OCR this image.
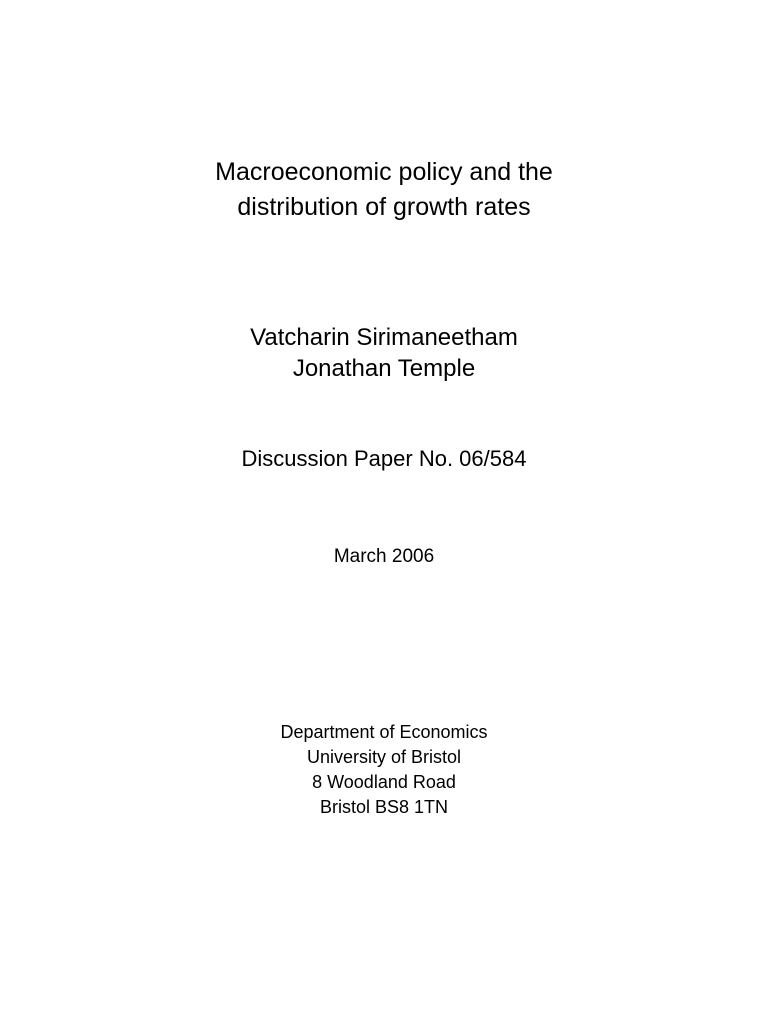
Macroeconomic policy and the
distribution of growth rates
Vatcharin Sirimaneetham
Jonathan Temple
Discussion Paper No. 06/584
March 2006
Department of Economics
University of Bristol
8 Woodland Road
Bristol BS8 1TN
